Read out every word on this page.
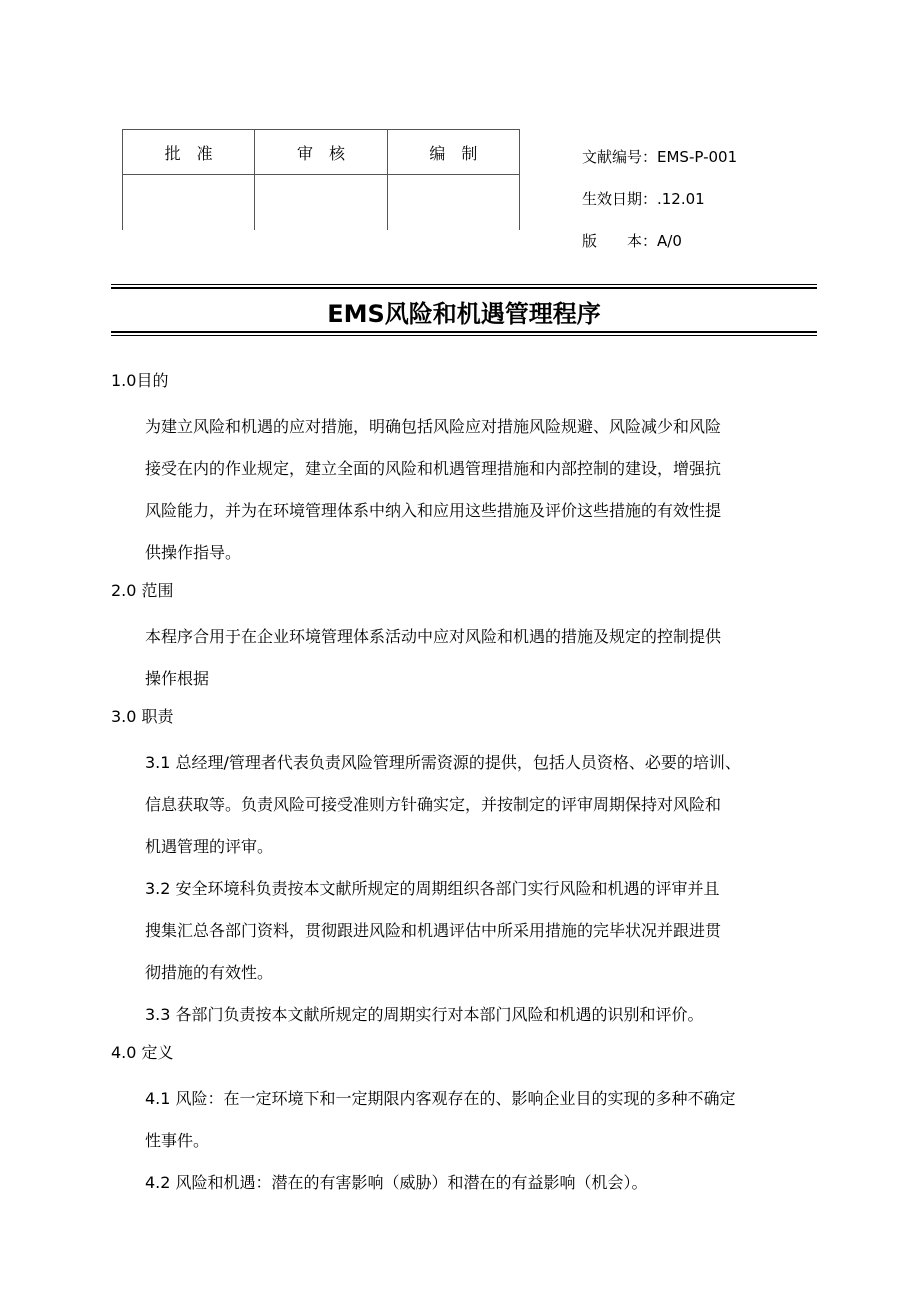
批　准	审　核	编　制
			文献编号：EMS-P-001
生效日期：.12.01
版　　本：A/0
EMS风险和机遇管理程序
1.0目的
为建立风险和机遇的应对措施，明确包括风险应对措施风险规避、风险减少和风险
接受在内的作业规定，建立全面的风险和机遇管理措施和内部控制的建设，增强抗
风险能力，并为在环境管理体系中纳入和应用这些措施及评价这些措施的有效性提
供操作指导。
2.0 范围
本程序合用于在企业环境管理体系活动中应对风险和机遇的措施及规定的控制提供
操作根据
3.0 职责
3.1 总经理/管理者代表负责风险管理所需资源的提供，包括人员资格、必要的培训、
信息获取等。负责风险可接受准则方针确实定，并按制定的评审周期保持对风险和
机遇管理的评审。
3.2 安全环境科负责按本文献所规定的周期组织各部门实行风险和机遇的评审并且
搜集汇总各部门资料，贯彻跟进风险和机遇评估中所采用措施的完毕状况并跟进贯
彻措施的有效性。
3.3 各部门负责按本文献所规定的周期实行对本部门风险和机遇的识别和评价。
4.0 定义
4.1 风险：在一定环境下和一定期限内客观存在的、影响企业目的实现的多种不确定
性事件。
4.2 风险和机遇：潜在的有害影响（威胁）和潜在的有益影响（机会）。
